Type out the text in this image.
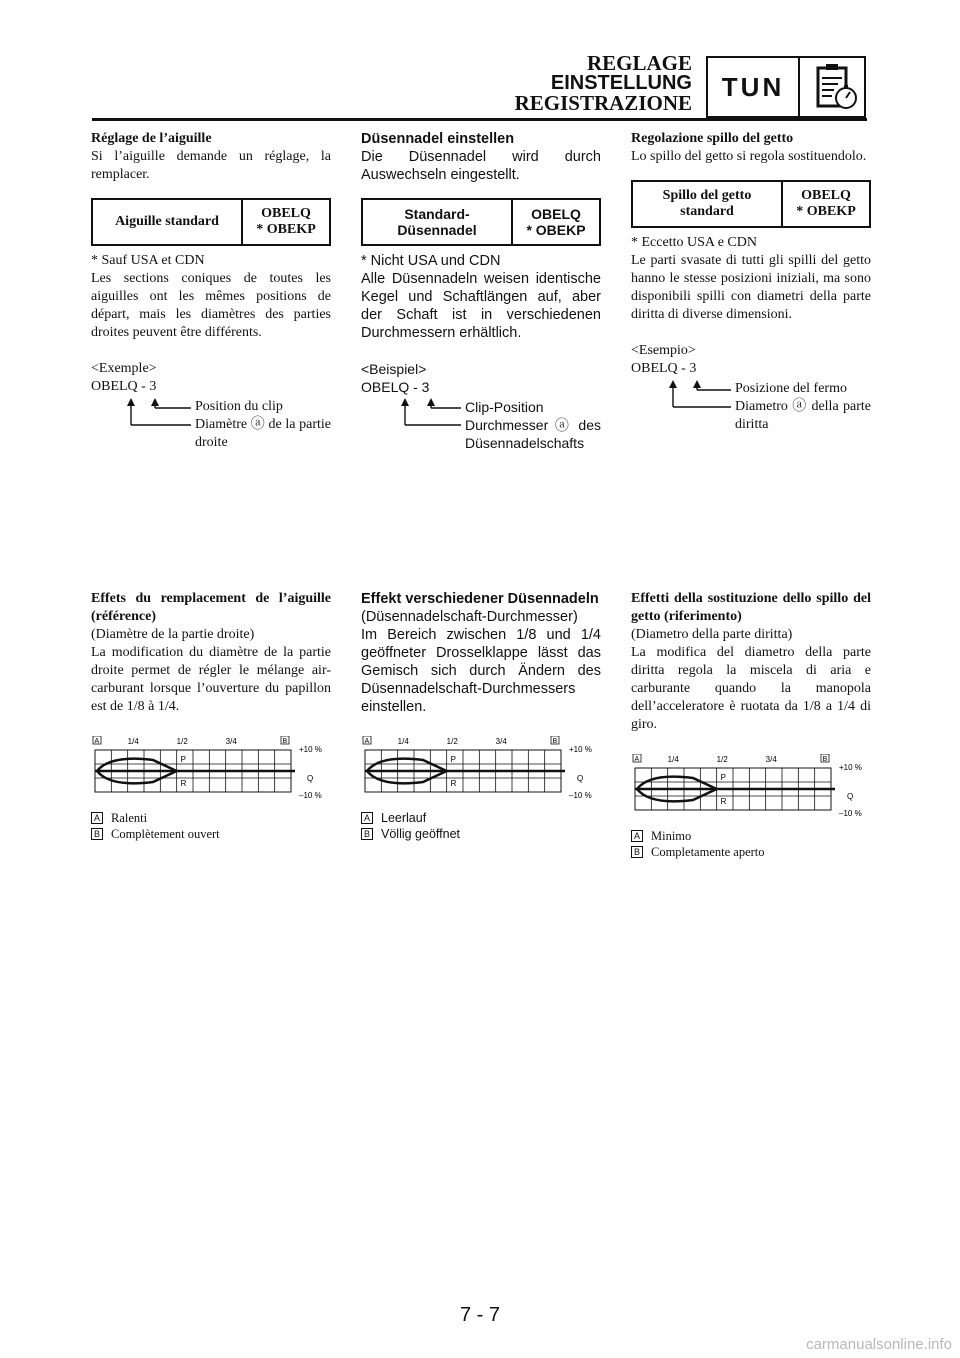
REGLAGE
EINSTELLUNG
REGISTRAZIONE
TUN

Réglage de l’aiguille

Si l’aiguille demande un réglage, la remplacer.

Aiguille standard	OBELQ
* OBEKP

* Sauf USA et CDN

Les sections coniques de toutes les aiguilles ont les mêmes positions de départ, mais les diamètres des parties droites peuvent être différents.

<Exemple>

OBELQ - 3

Position du clip
Diamètre ⓐ de la partie droite

Effets du remplacement de l’aiguille (référence)

(Diamètre de la partie droite)

La modification du diamètre de la partie droite permet de régler le mélange air-carburant lorsque l’ouverture du papillon est de 1/8 à 1/4.

1/4	1/2	3/4
A	B
P
R
+10 %
Q
–10 %
A Ralenti
B Complètement ouvert

Düsennadel einstellen

Die Düsennadel wird durch Auswechseln eingestellt.

Standard-Düsennadel	OBELQ
* OBEKP

* Nicht USA und CDN

Alle Düsennadeln weisen identische Kegel und Schaftlängen auf, aber der Schaft ist in verschiedenen Durchmessern erhältlich.

<Beispiel>

OBELQ - 3

Clip-Position
Durchmesser ⓐ des Düsennadelschafts

Effekt verschiedener Düsennadeln

(Düsennadelschaft-Durchmesser)

Im Bereich zwischen 1/8 und 1/4 geöffneter Drosselklappe lässt das Gemisch sich durch Ändern des Düsennadelschaft-Durchmessers einstellen.

1/4	1/2	3/4
A	B
P
R
+10 %
Q
–10 %
A Leerlauf
B Völlig geöffnet

Regolazione spillo del getto

Lo spillo del getto si regola sostituendolo.

Spillo del getto standard	OBELQ
* OBEKP

* Eccetto USA e CDN

Le parti svasate di tutti gli spilli del getto hanno le stesse posizioni iniziali, ma sono disponibili spilli con diametri della parte diritta di diverse dimensioni.

<Esempio>

OBELQ - 3

Posizione del fermo
Diametro ⓐ della parte diritta

Effetti della sostituzione dello spillo del getto (riferimento)

(Diametro della parte diritta)

La modifica del diametro della parte diritta regola la miscela di aria e carburante quando la manopola dell’acceleratore è ruotata da 1/8 a 1/4 di giro.

1/4	1/2	3/4
A	B
P
R
+10 %
Q
–10 %
A Minimo
B Completamente aperto
7 - 7
carmanualsonline.info
